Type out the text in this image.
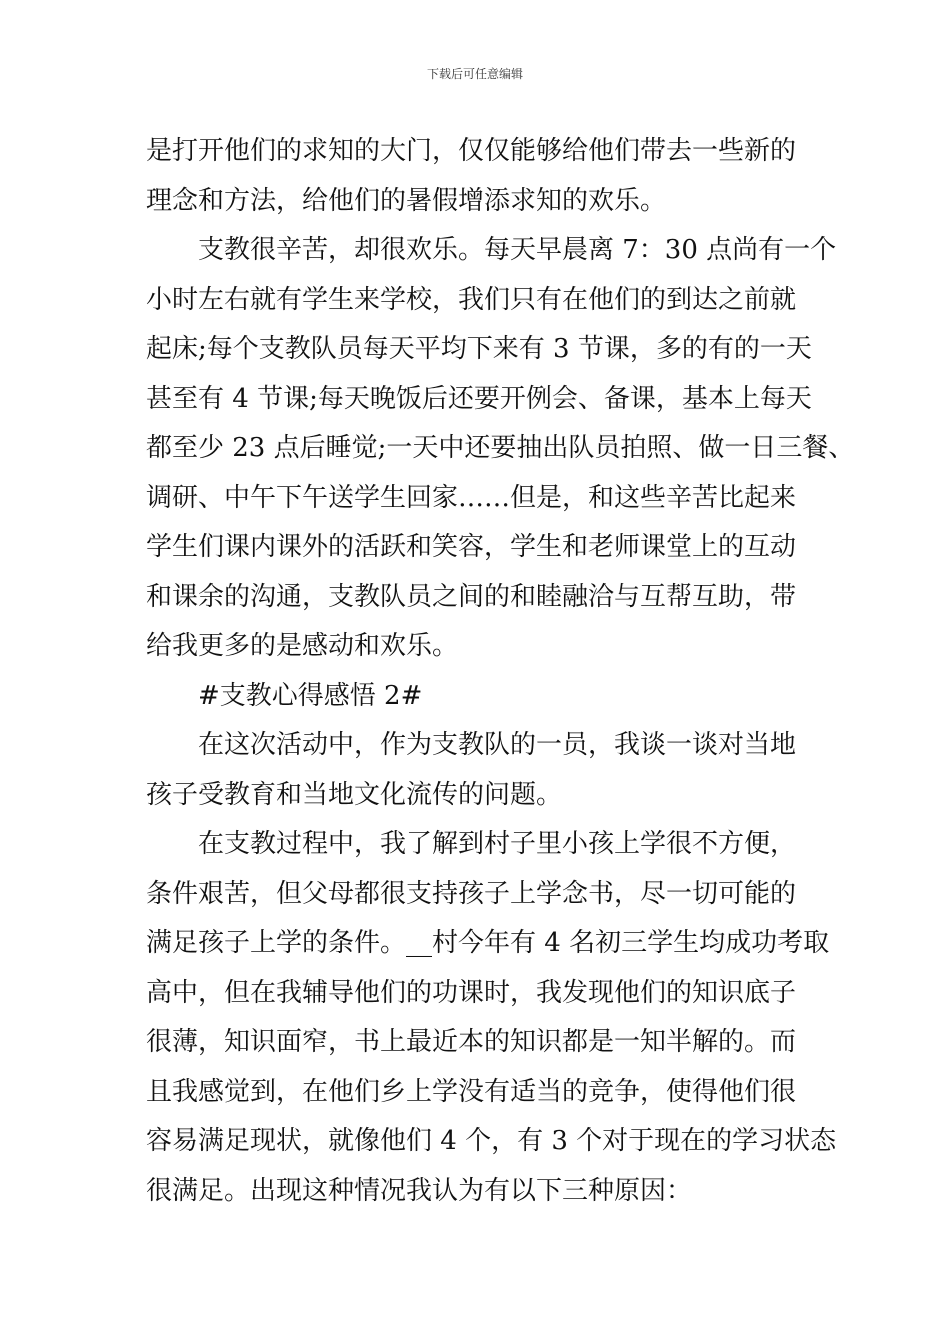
下载后可任意编辑
是打开他们的求知的大门，仅仅能够给他们带去一些新的
理念和方法，给他们的暑假增添求知的欢乐。
支教很辛苦，却很欢乐。每天早晨离 7：30 点尚有一个
小时左右就有学生来学校，我们只有在他们的到达之前就
起床;每个支教队员每天平均下来有 3 节课，多的有的一天
甚至有 4 节课;每天晚饭后还要开例会、备课，基本上每天
都至少 23 点后睡觉;一天中还要抽出队员拍照、做一日三餐、
调研、中午下午送学生回家……但是，和这些辛苦比起来
学生们课内课外的活跃和笑容，学生和老师课堂上的互动
和课余的沟通，支教队员之间的和睦融洽与互帮互助，带
给我更多的是感动和欢乐。
#支教心得感悟 2#
在这次活动中，作为支教队的一员，我谈一谈对当地
孩子受教育和当地文化流传的问题。
在支教过程中，我了解到村子里小孩上学很不方便，
条件艰苦，但父母都很支持孩子上学念书，尽一切可能的
满足孩子上学的条件。__村今年有 4 名初三学生均成功考取
高中，但在我辅导他们的功课时，我发现他们的知识底子
很薄，知识面窄，书上最近本的知识都是一知半解的。而
且我感觉到，在他们乡上学没有适当的竞争，使得他们很
容易满足现状，就像他们 4 个，有 3 个对于现在的学习状态
很满足。出现这种情况我认为有以下三种原因：
